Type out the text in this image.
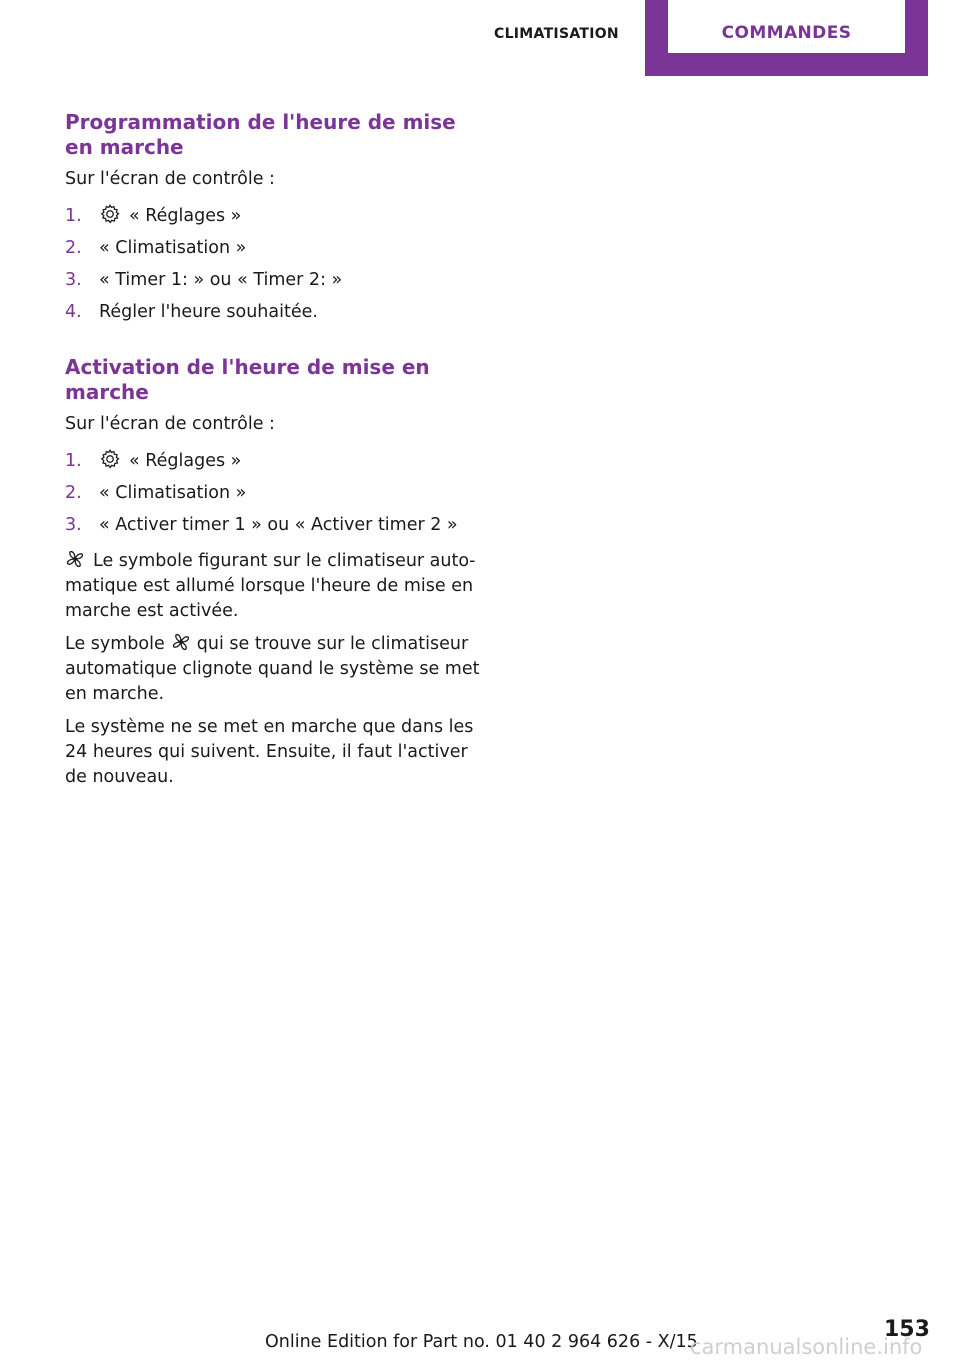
CLIMATISATION	COMMANDES
Programmation de l'heure de mise en marche

Sur l'écran de contrôle :

1.	« Réglages »
2. « Climatisation »
3. « Timer 1: » ou « Timer 2: »
4. Régler l'heure souhaitée.
Activation de l'heure de mise en marche

Sur l'écran de contrôle :

1.	« Réglages »
2. « Climatisation »
3. « Activer timer 1 » ou « Activer timer 2 »

Le symbole figurant sur le climatiseur automatique est allumé lorsque l'heure de mise en marche est activée.

Le symbole qui se trouve sur le climatiseur automatique clignote quand le système se met en marche.

Le système ne se met en marche que dans les 24 heures qui suivent. Ensuite, il faut l'activer de nouveau.

Online Edition for Part no. 01 40 2 964 626 - X/15	153
carmanualsonline.info
